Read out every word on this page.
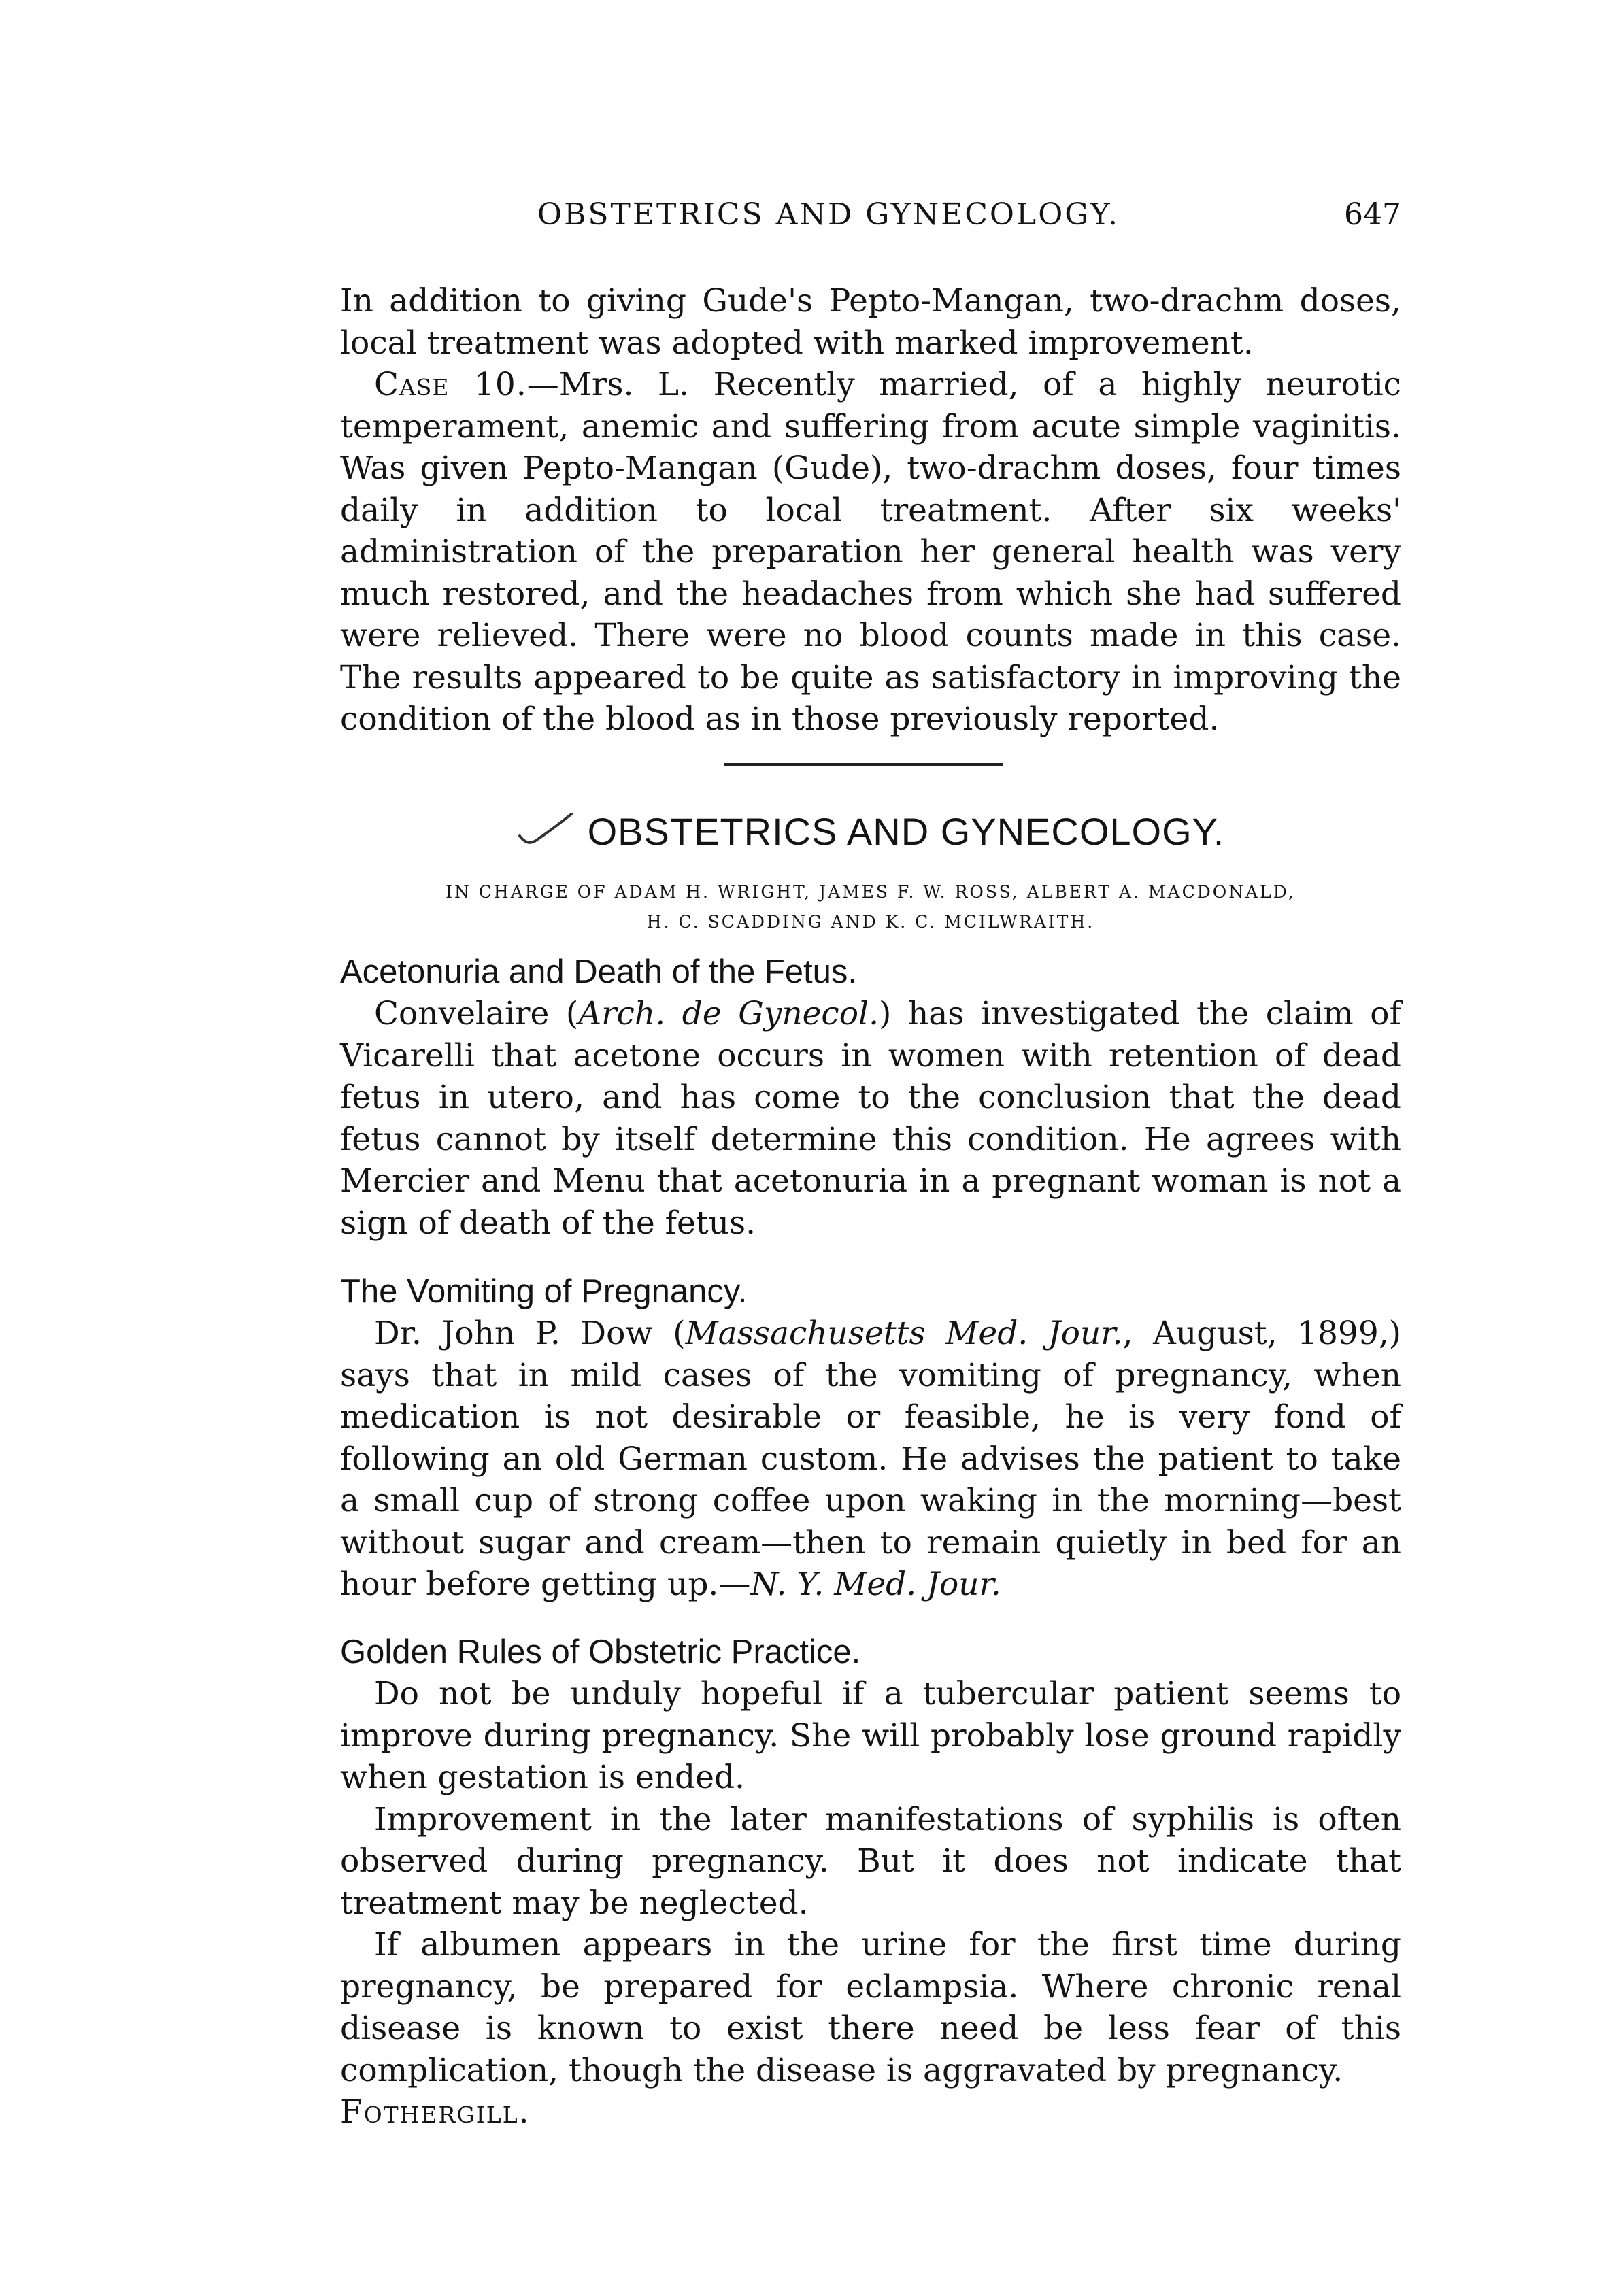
OBSTETRICS AND GYNECOLOGY.	647

In addition to giving Gude's Pepto-Mangan, two-drachm doses, local treatment was adopted with marked improvement.

Case 10.—Mrs. L. Recently married, of a highly neurotic temperament, anemic and suffering from acute simple vaginitis. Was given Pepto-Mangan (Gude), two-drachm doses, four times daily in addition to local treatment. After six weeks' administration of the preparation her general health was very much restored, and the headaches from which she had suffered were relieved. There were no blood counts made in this case. The results appeared to be quite as satisfactory in improving the condition of the blood as in those previously reported.

OBSTETRICS AND GYNECOLOGY.
IN CHARGE OF ADAM H. WRIGHT, JAMES F. W. ROSS, ALBERT A. MACDONALD,
H. C. SCADDING AND K. C. MCILWRAITH.
Acetonuria and Death of the Fetus.

Convelaire (Arch. de Gynecol.) has investigated the claim of Vicarelli that acetone occurs in women with retention of dead fetus in utero, and has come to the conclusion that the dead fetus cannot by itself determine this condition. He agrees with Mercier and Menu that acetonuria in a pregnant woman is not a sign of death of the fetus.

The Vomiting of Pregnancy.

Dr. John P. Dow (Massachusetts Med. Jour., August, 1899,) says that in mild cases of the vomiting of pregnancy, when medication is not desirable or feasible, he is very fond of following an old German custom. He advises the patient to take a small cup of strong coffee upon waking in the morning—best without sugar and cream—then to remain quietly in bed for an hour before getting up.—N. Y. Med. Jour.

Golden Rules of Obstetric Practice.

Do not be unduly hopeful if a tubercular patient seems to improve during pregnancy. She will probably lose ground rapidly when gestation is ended.

Improvement in the later manifestations of syphilis is often observed during pregnancy. But it does not indicate that treatment may be neglected.

If albumen appears in the urine for the first time during pregnancy, be prepared for eclampsia. Where chronic renal disease is known to exist there need be less fear of this complication, though the disease is aggravated by pregnancy.

Fothergill.
